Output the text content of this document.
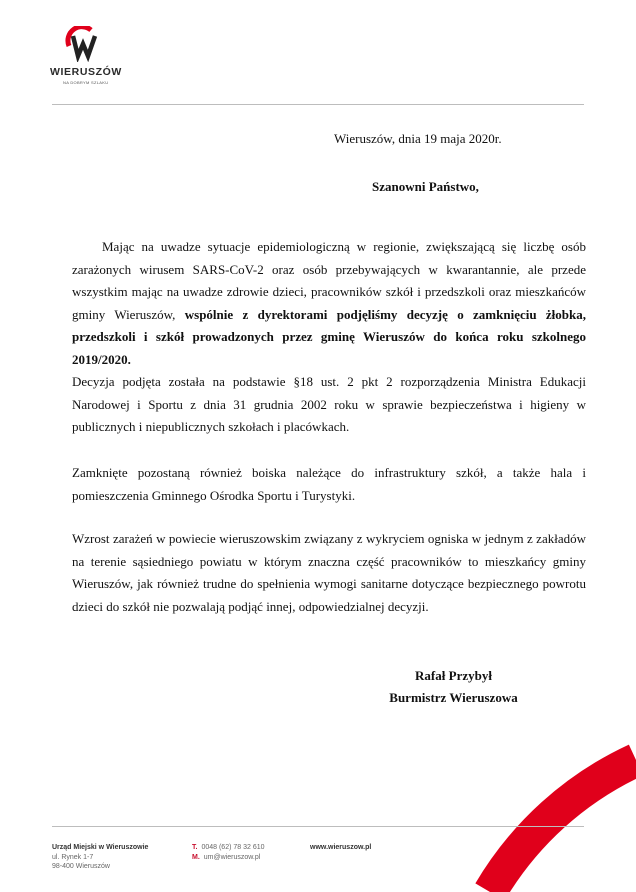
WIERUSZÓW
NA DOBRYM SZLAKU
Wieruszów, dnia 19 maja 2020r.
Szanowni Państwo,
Mając na uwadze sytuacje epidemiologiczną w regionie, zwiększającą się liczbę osób zarażonych wirusem SARS-CoV-2 oraz osób przebywających w kwarantannie, ale przede wszystkim mając na uwadze zdrowie dzieci, pracowników szkół i przedszkoli oraz mieszkańców gminy Wieruszów, wspólnie z dyrektorami podjęliśmy decyzję o zamknięciu żłobka, przedszkoli i szkół prowadzonych przez gminę Wieruszów do końca roku szkolnego 2019/2020.
Decyzja podjęta została na podstawie §18 ust. 2 pkt 2 rozporządzenia Ministra Edukacji Narodowej i Sportu z dnia 31 grudnia 2002 roku w sprawie bezpieczeństwa i higieny w publicznych i niepublicznych szkołach i placówkach.
Zamknięte pozostaną również boiska należące do infrastruktury szkół, a także hala i pomieszczenia Gminnego Ośrodka Sportu i Turystyki.
Wzrost zarażeń w powiecie wieruszowskim związany z wykryciem ogniska w jednym z zakładów na terenie sąsiedniego powiatu w którym znaczna część pracowników to mieszkańcy gminy Wieruszów, jak również trudne do spełnienia wymogi sanitarne dotyczące bezpiecznego powrotu dzieci do szkół nie pozwalają podjąć innej, odpowiedzialnej decyzji.
Rafał Przybył
Burmistrz Wieruszowa
Urząd Miejski w Wieruszowie
ul. Rynek 1-7
98-400 Wieruszów
T. 0048 (62) 78 32 610
M. um@wieruszow.pl
www.wieruszow.pl
